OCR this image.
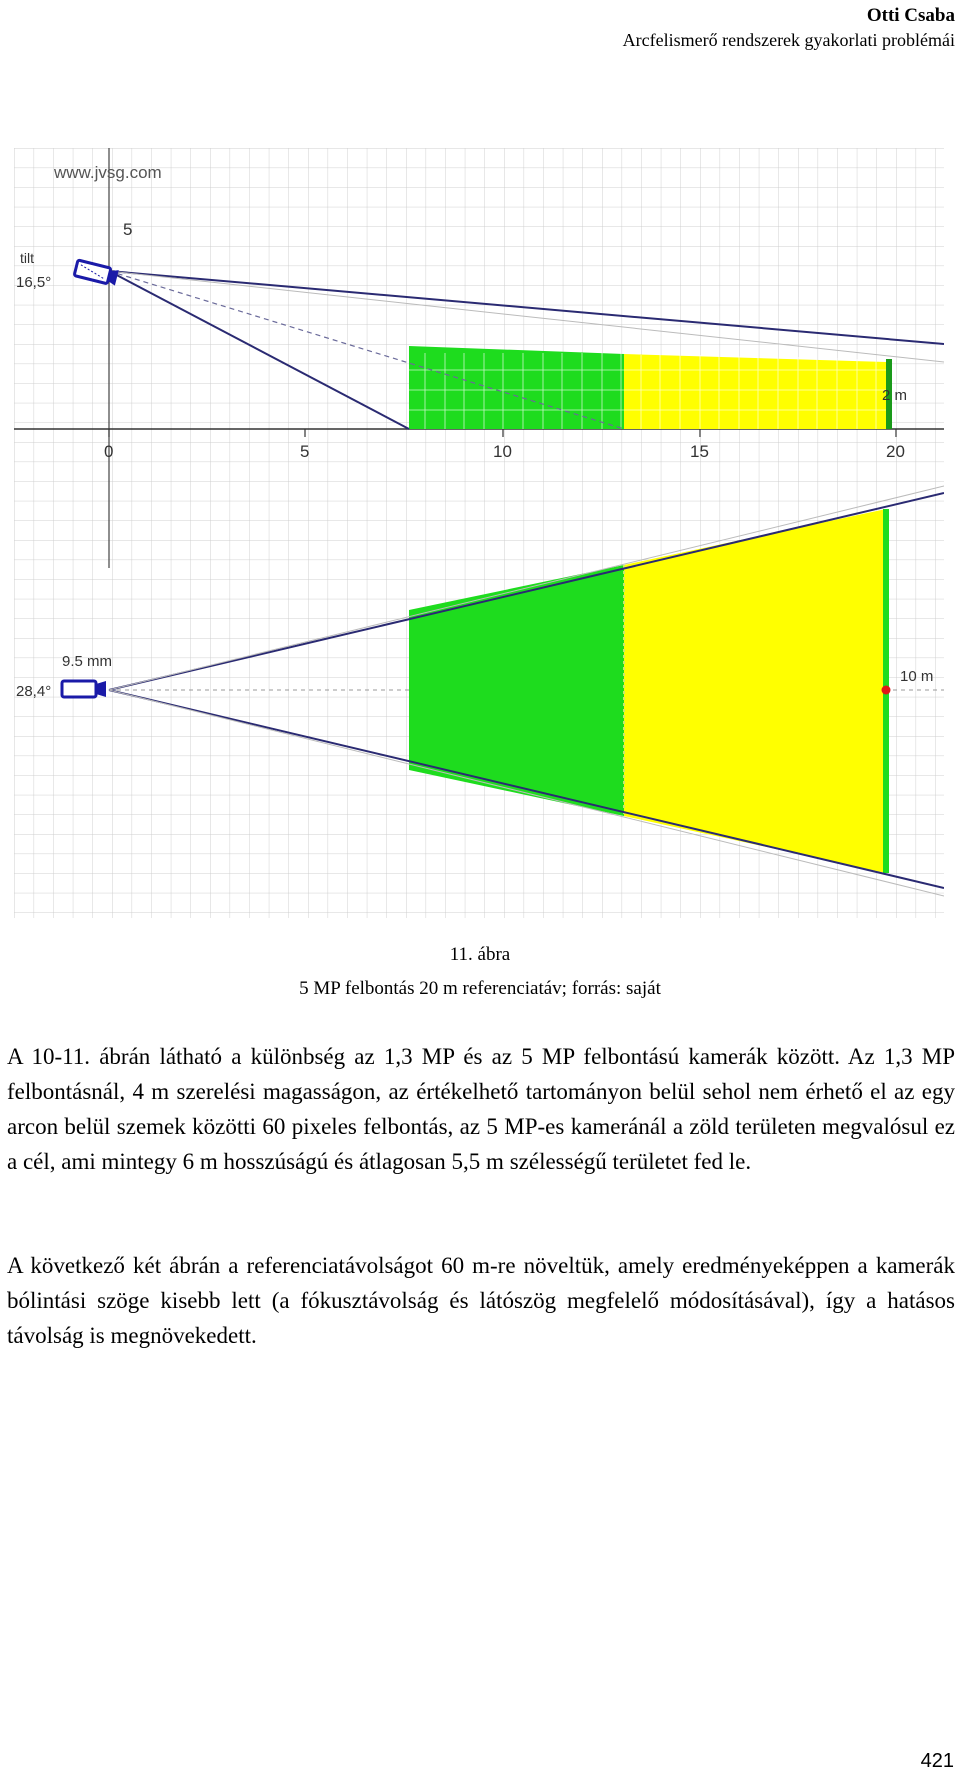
Otti Csaba
Arcfelismerő rendszerek gyakorlati problémái
www.jvsg.com
5
tilt
16,5°
2 m
0	5	10	15	20
9.5 mm
28,4°
10 m
11. ábra
5 MP felbontás 20 m referenciatáv; forrás: saját

A 10-11. ábrán látható a különbség az 1,3 MP és az 5 MP felbontású kamerák között. Az 1,3 MP felbontásnál, 4 m szerelési magasságon, az értékelhető tartományon belül sehol nem érhető el az egy arcon belül szemek közötti 60 pixeles felbontás, az 5 MP-es kameránál a zöld területen megvalósul ez a cél, ami mintegy 6 m hosszúságú és átlagosan 5,5 m szélességű területet fed le.

A következő két ábrán a referenciatávolságot 60 m-re növeltük, amely eredményeképpen a kamerák bólintási szöge kisebb lett (a fókusztávolság és látószög megfelelő módosításával), így a hatásos távolság is megnövekedett.

421
